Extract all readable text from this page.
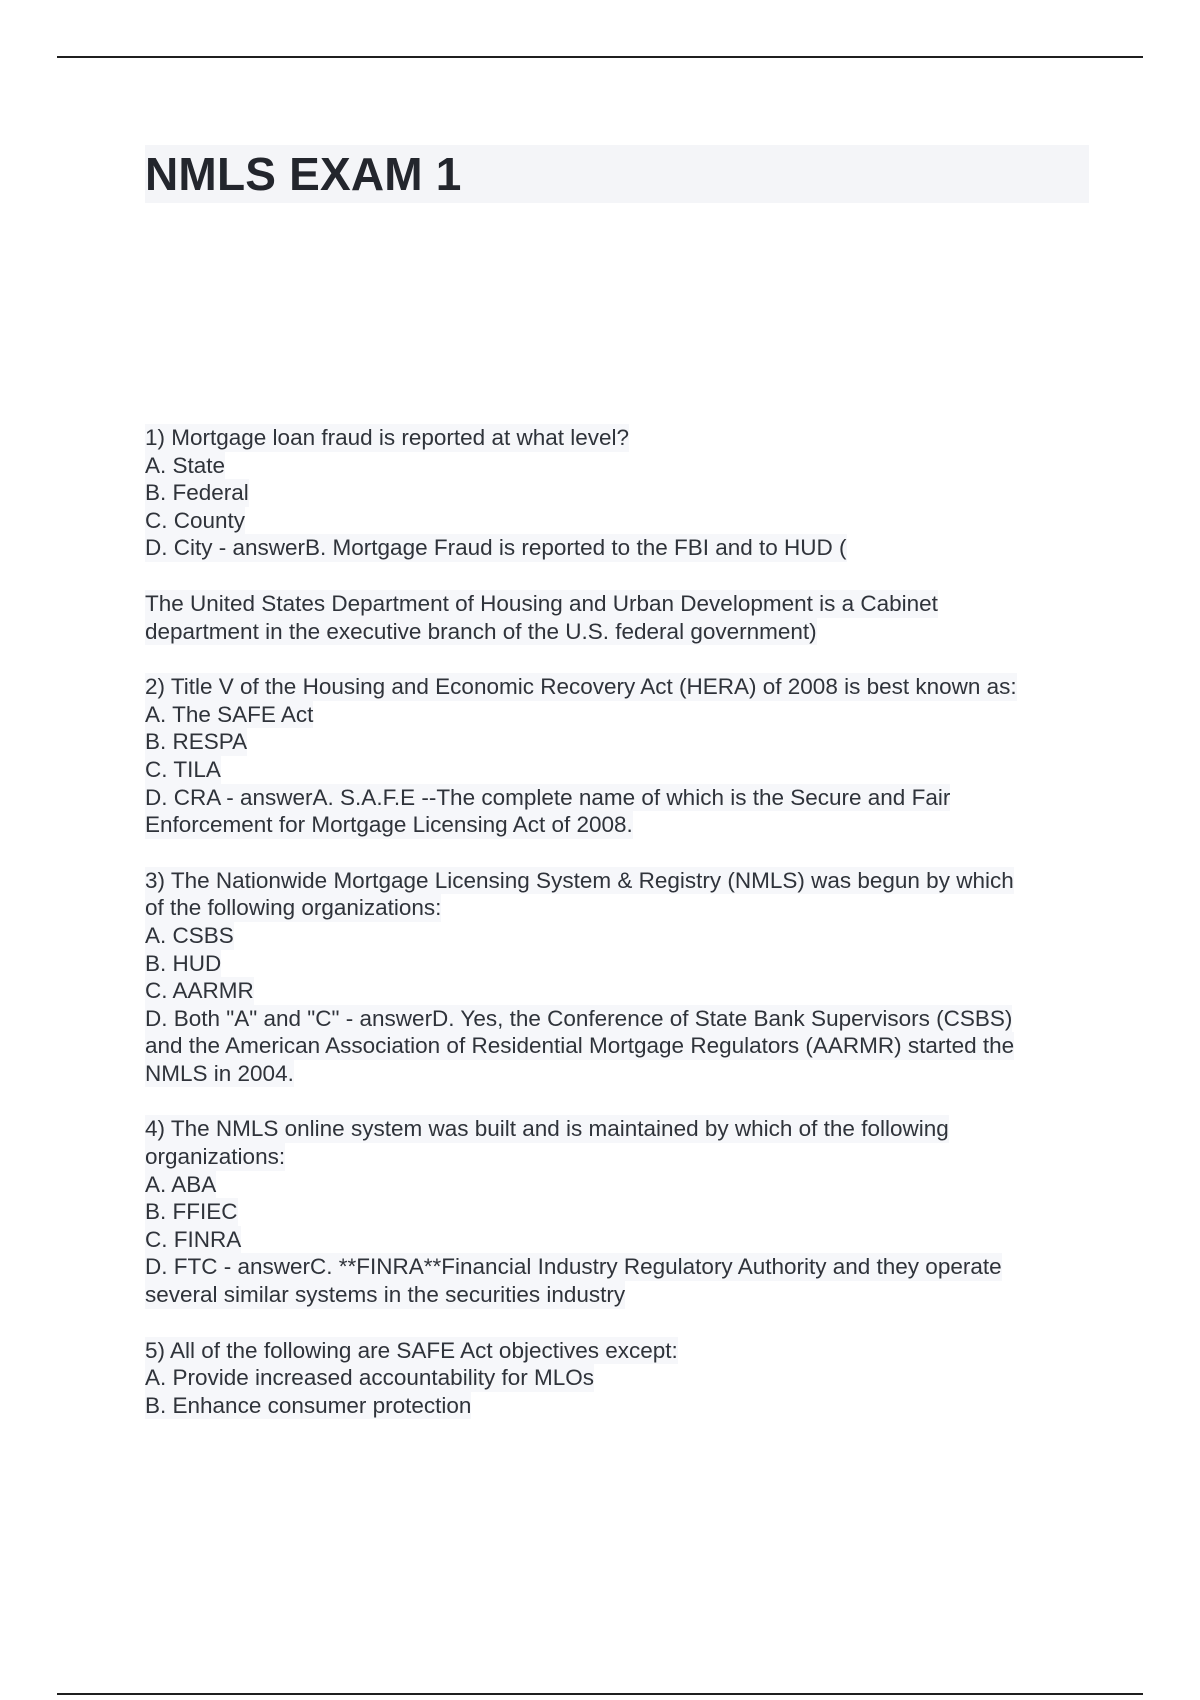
NMLS EXAM 1
1) Mortgage loan fraud is reported at what level?
A. State
B. Federal
C. County
D. City - answerB. Mortgage Fraud is reported to the FBI and to HUD (
The United States Department of Housing and Urban Development is a Cabinet
department in the executive branch of the U.S. federal government)
2) Title V of the Housing and Economic Recovery Act (HERA) of 2008 is best known as:
A. The SAFE Act
B. RESPA
C. TILA
D. CRA - answerA. S.A.F.E --The complete name of which is the Secure and Fair
Enforcement for Mortgage Licensing Act of 2008.
3) The Nationwide Mortgage Licensing System & Registry (NMLS) was begun by which
of the following organizations:
A. CSBS
B. HUD
C. AARMR
D. Both "A" and "C" - answerD. Yes, the Conference of State Bank Supervisors (CSBS)
and the American Association of Residential Mortgage Regulators (AARMR) started the
NMLS in 2004.
4) The NMLS online system was built and is maintained by which of the following
organizations:
A. ABA
B. FFIEC
C. FINRA
D. FTC - answerC. **FINRA**Financial Industry Regulatory Authority and they operate
several similar systems in the securities industry
5) All of the following are SAFE Act objectives except:
A. Provide increased accountability for MLOs
B. Enhance consumer protection
